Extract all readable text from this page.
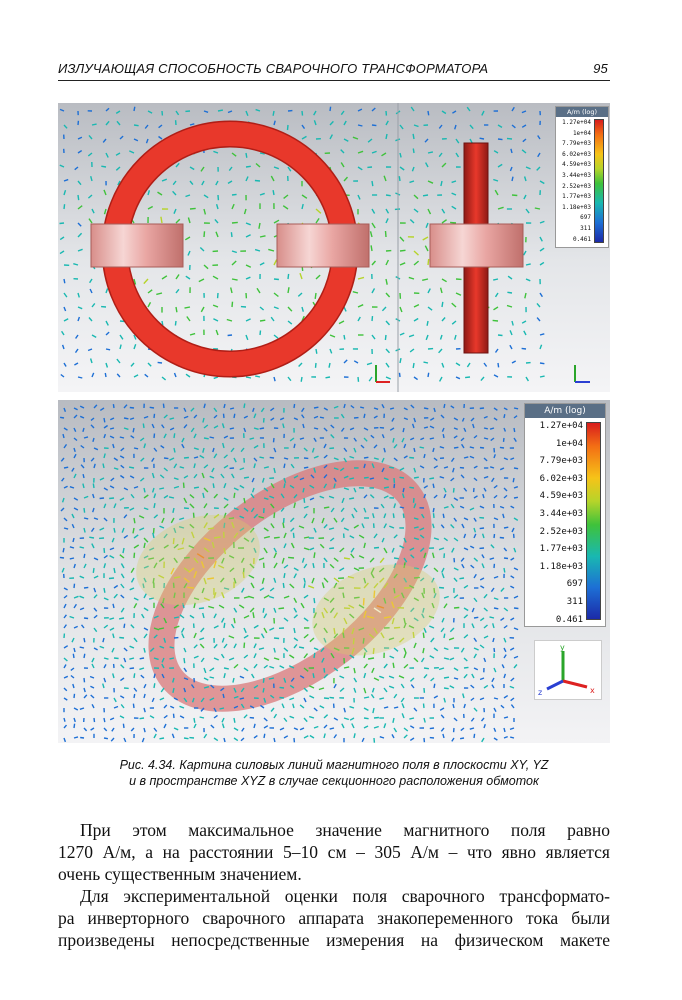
ИЗЛУЧАЮЩАЯ СПОСОБНОСТЬ СВАРОЧНОГО ТРАНСФОРМАТОРА	95
A/m (log)
1.27e+04
1e+04
7.79e+03
6.02e+03
4.59e+03
3.44e+03
2.52e+03
1.77e+03
1.18e+03
697
311
0.461
A/m (log)
1.27e+04
1e+04
7.79e+03
6.02e+03
4.59e+03
3.44e+03
2.52e+03
1.77e+03
1.18e+03
697
311
0.461
y
x
z
Рис. 4.34. Картина силовых линий магнитного поля в плоскости XY, YZ
и в пространстве XYZ в случае секционного расположения обмоток
При этом максимальное значение магнитного поля равно
1270 А/м, а на расстоянии 5–10 см – 305 А/м – что явно является
очень существенным значением.
Для экспериментальной оценки поля сварочного трансформато-
ра инверторного сварочного аппарата знакопеременного тока были
произведены непосредственные измерения на физическом макете
